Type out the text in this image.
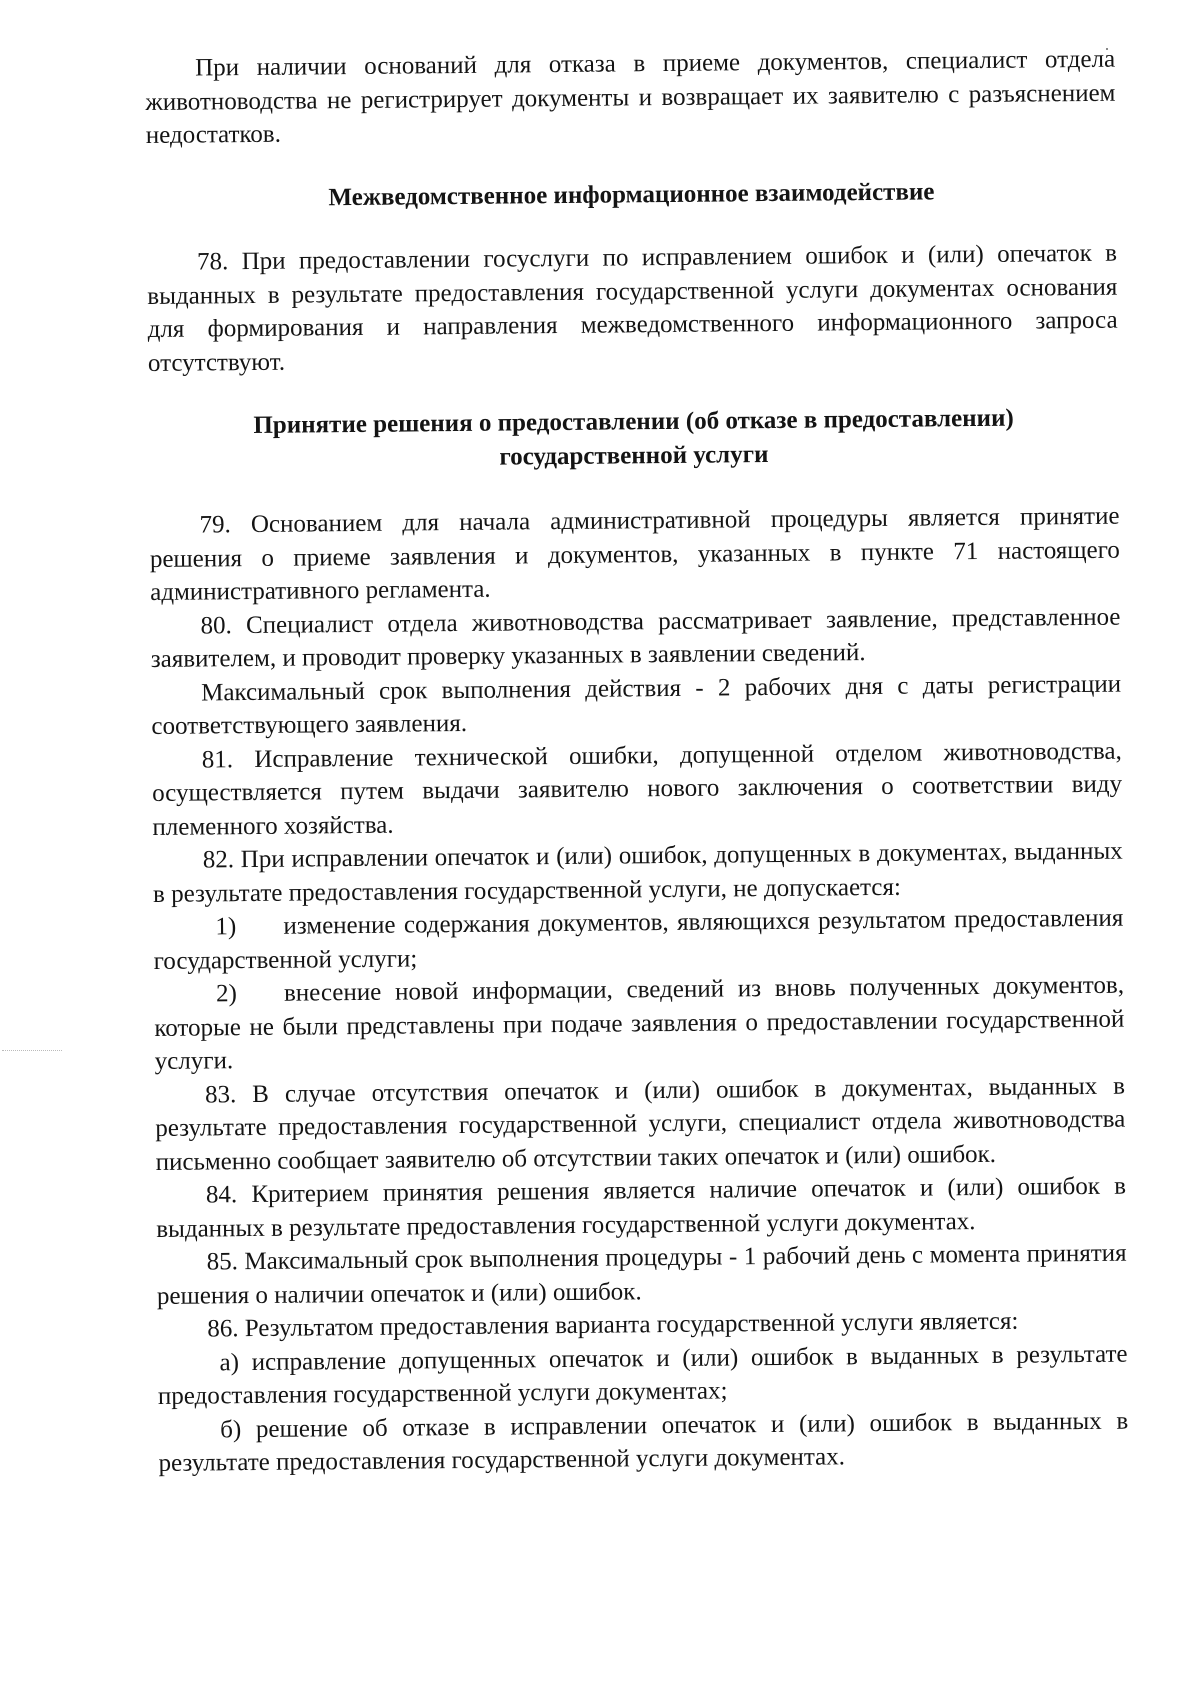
При наличии оснований для отказа в приеме документов, специалист отдела животноводства не регистрирует документы и возвращает их заявителю с разъяснением недостатков.

Межведомственное информационное взаимодействие

78. При предоставлении госуслуги по исправлением ошибок и (или) опечаток в выданных в результате предоставления государственной услуги документах основания для формирования и направления межведомственного информационного запроса отсутствуют.

Принятие решения о предоставлении (об отказе в предоставлении)
государственной услуги

79. Основанием для начала административной процедуры является принятие решения о приеме заявления и документов, указанных в пункте 71 настоящего административного регламента.

80. Специалист отдела животноводства рассматривает заявление, представленное заявителем, и проводит проверку указанных в заявлении сведений.

Максимальный срок выполнения действия - 2 рабочих дня с даты регистрации соответствующего заявления.

81. Исправление технической ошибки, допущенной отделом животноводства, осуществляется путем выдачи заявителю нового заключения о соответствии виду племенного хозяйства.

82. При исправлении опечаток и (или) ошибок, допущенных в документах, выданных в результате предоставления государственной услуги, не допускается:

1) изменение содержания документов, являющихся результатом предоставления государственной услуги;

2) внесение новой информации, сведений из вновь полученных документов, которые не были представлены при подаче заявления о предоставлении государственной услуги.

83. В случае отсутствия опечаток и (или) ошибок в документах, выданных в результате предоставления государственной услуги, специалист отдела животноводства письменно сообщает заявителю об отсутствии таких опечаток и (или) ошибок.

84. Критерием принятия решения является наличие опечаток и (или) ошибок в выданных в результате предоставления государственной услуги документах.

85. Максимальный срок выполнения процедуры - 1 рабочий день с момента принятия решения о наличии опечаток и (или) ошибок.

86. Результатом предоставления варианта государственной услуги является:

а) исправление допущенных опечаток и (или) ошибок в выданных в результате предоставления государственной услуги документах;

б) решение об отказе в исправлении опечаток и (или) ошибок в выданных в результате предоставления государственной услуги документах.
